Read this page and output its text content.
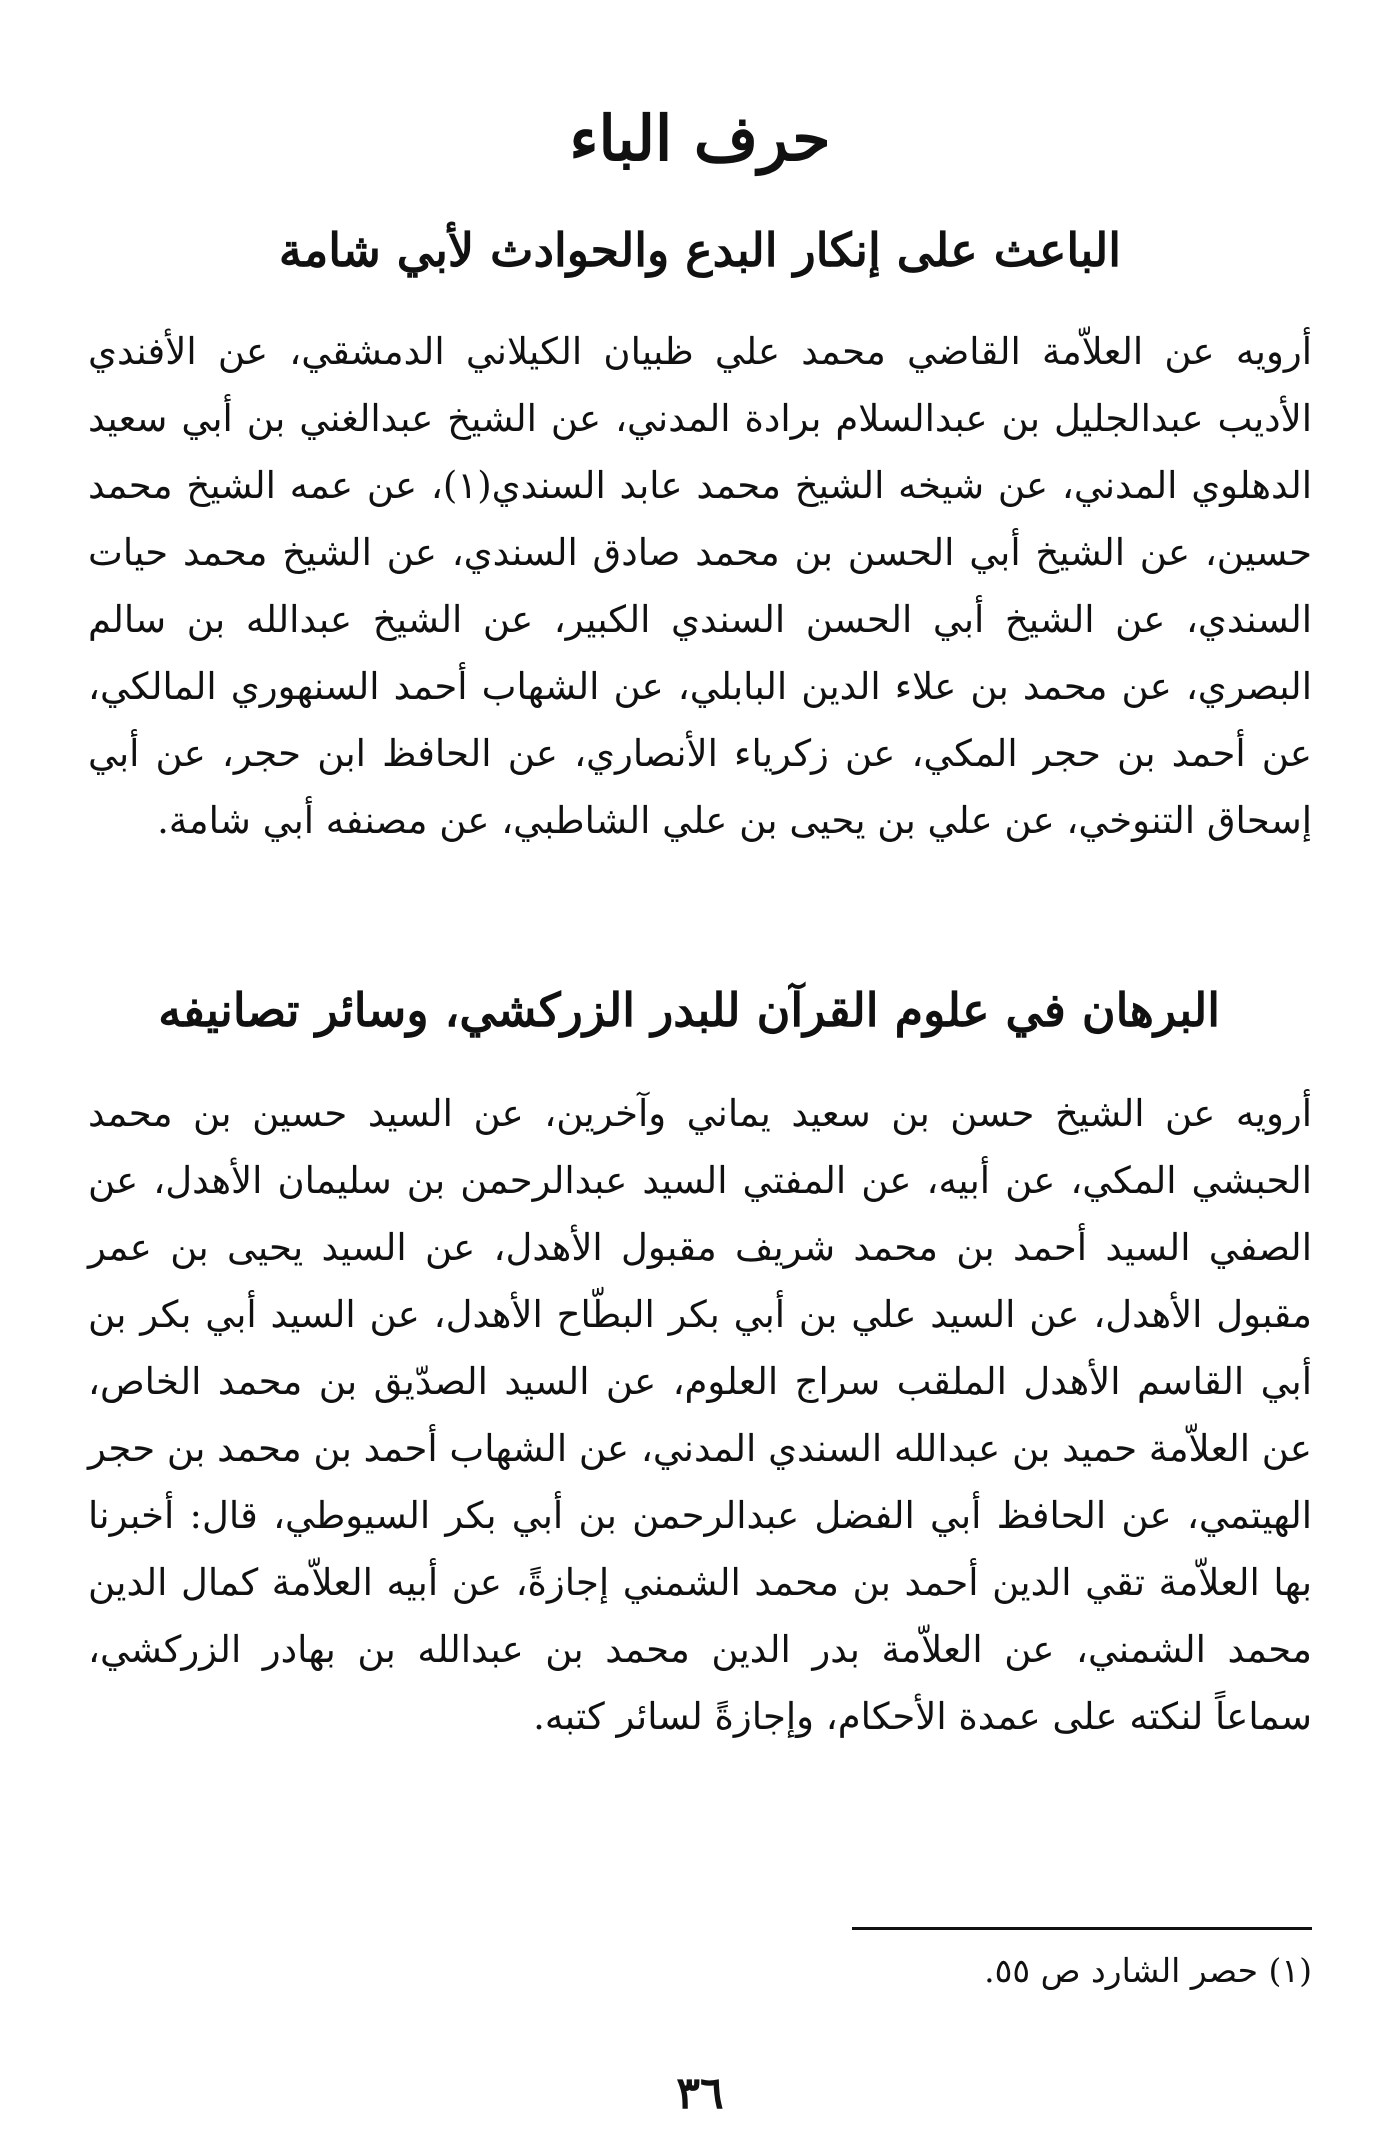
حرف الباء
الباعث على إنكار البدع والحوادث لأبي شامة

أرويه عن العلاّمة القاضي محمد علي ظبيان الكيلاني الدمشقي، عن الأفندي الأديب عبدالجليل بن عبدالسلام برادة المدني، عن الشيخ عبدالغني بن أبي سعيد الدهلوي المدني، عن شيخه الشيخ محمد عابد السندي(١)، عن عمه الشيخ محمد حسين، عن الشيخ أبي الحسن بن محمد صادق السندي، عن الشيخ محمد حيات السندي، عن الشيخ أبي الحسن السندي الكبير، عن الشيخ عبدالله بن سالم البصري، عن محمد بن علاء الدين البابلي، عن الشهاب أحمد السنهوري المالكي، عن أحمد بن حجر المكي، عن زكرياء الأنصاري، عن الحافظ ابن حجر، عن أبي إسحاق التنوخي، عن علي بن يحيى بن علي الشاطبي، عن مصنفه أبي شامة.

البرهان في علوم القرآن للبدر الزركشي، وسائر تصانيفه

أرويه عن الشيخ حسن بن سعيد يماني وآخرين، عن السيد حسين بن محمد الحبشي المكي، عن أبيه، عن المفتي السيد عبدالرحمن بن سليمان الأهدل، عن الصفي السيد أحمد بن محمد شريف مقبول الأهدل، عن السيد يحيى بن عمر مقبول الأهدل، عن السيد علي بن أبي بكر البطّاح الأهدل، عن السيد أبي بكر بن أبي القاسم الأهدل الملقب سراج العلوم، عن السيد الصدّيق بن محمد الخاص، عن العلاّمة حميد بن عبدالله السندي المدني، عن الشهاب أحمد بن محمد بن حجر الهيتمي، عن الحافظ أبي الفضل عبدالرحمن بن أبي بكر السيوطي، قال: أخبرنا بها العلاّمة تقي الدين أحمد بن محمد الشمني إجازةً، عن أبيه العلاّمة كمال الدين محمد الشمني، عن العلاّمة بدر الدين محمد بن عبدالله بن بهادر الزركشي، سماعاً لنكته على عمدة الأحكام، وإجازةً لسائر كتبه.

(١) حصر الشارد ص ٥٥.

٣٦
